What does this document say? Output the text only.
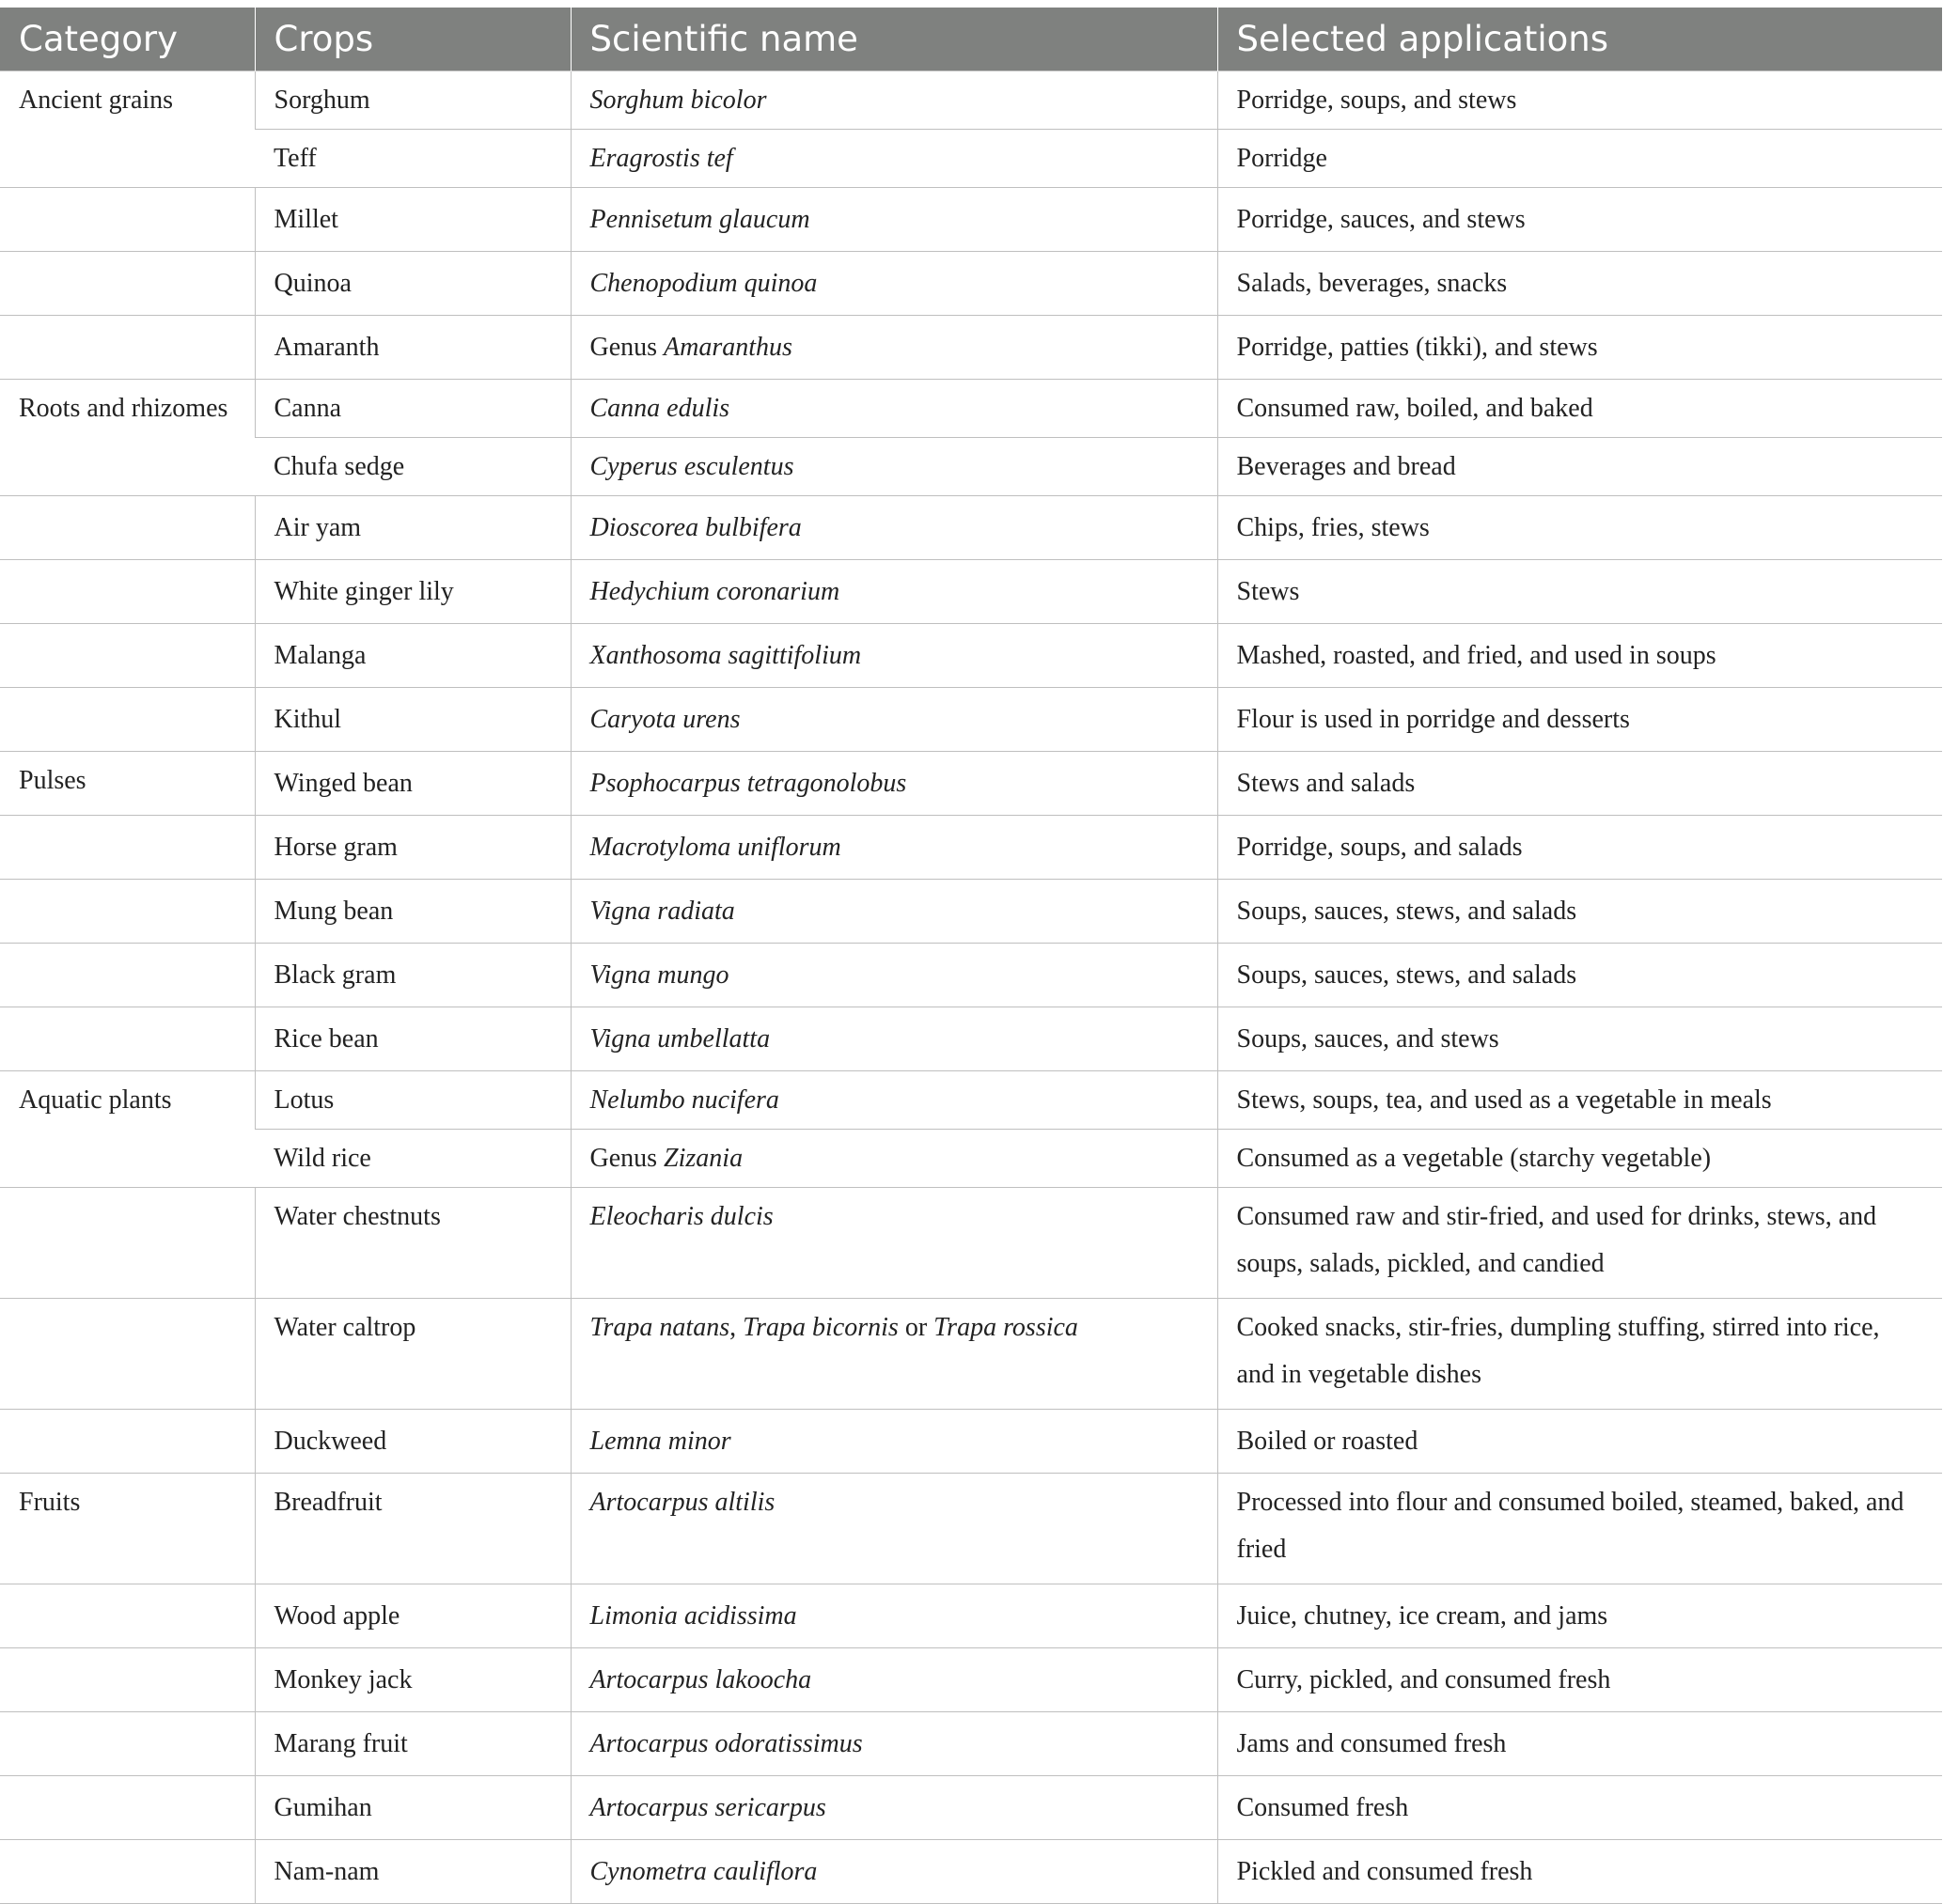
Category	Crops	Scientific name	Selected applications
Ancient grains	Sorghum	Sorghum bicolor	Porridge, soups, and stews
	Teff	Eragrostis tef	Porridge
	Millet	Pennisetum glaucum	Porridge, sauces, and stews
	Quinoa	Chenopodium quinoa	Salads, beverages, snacks
	Amaranth	Genus Amaranthus	Porridge, patties (tikki), and stews
Roots and rhizomes	Canna	Canna edulis	Consumed raw, boiled, and baked
	Chufa sedge	Cyperus esculentus	Beverages and bread
	Air yam	Dioscorea bulbifera	Chips, fries, stews
	White ginger lily	Hedychium coronarium	Stews
	Malanga	Xanthosoma sagittifolium	Mashed, roasted, and fried, and used in soups
	Kithul	Caryota urens	Flour is used in porridge and desserts
Pulses	Winged bean	Psophocarpus tetragonolobus	Stews and salads
	Horse gram	Macrotyloma uniflorum	Porridge, soups, and salads
	Mung bean	Vigna radiata	Soups, sauces, stews, and salads
	Black gram	Vigna mungo	Soups, sauces, stews, and salads
	Rice bean	Vigna umbellatta	Soups, sauces, and stews
Aquatic plants	Lotus	Nelumbo nucifera	Stews, soups, tea, and used as a vegetable in meals
	Wild rice	Genus Zizania	Consumed as a vegetable (starchy vegetable)
	Water chestnuts	Eleocharis dulcis	Consumed raw and stir-fried, and used for drinks, stews, and soups, salads, pickled, and candied
	Water caltrop	Trapa natans, Trapa bicornis or Trapa rossica	Cooked snacks, stir-fries, dumpling stuffing, stirred into rice, and in vegetable dishes
	Duckweed	Lemna minor	Boiled or roasted
Fruits	Breadfruit	Artocarpus altilis	Processed into flour and consumed boiled, steamed, baked, and fried
	Wood apple	Limonia acidissima	Juice, chutney, ice cream, and jams
	Monkey jack	Artocarpus lakoocha	Curry, pickled, and consumed fresh
	Marang fruit	Artocarpus odoratissimus	Jams and consumed fresh
	Gumihan	Artocarpus sericarpus	Consumed fresh
	Nam-nam	Cynometra cauliflora	Pickled and consumed fresh
